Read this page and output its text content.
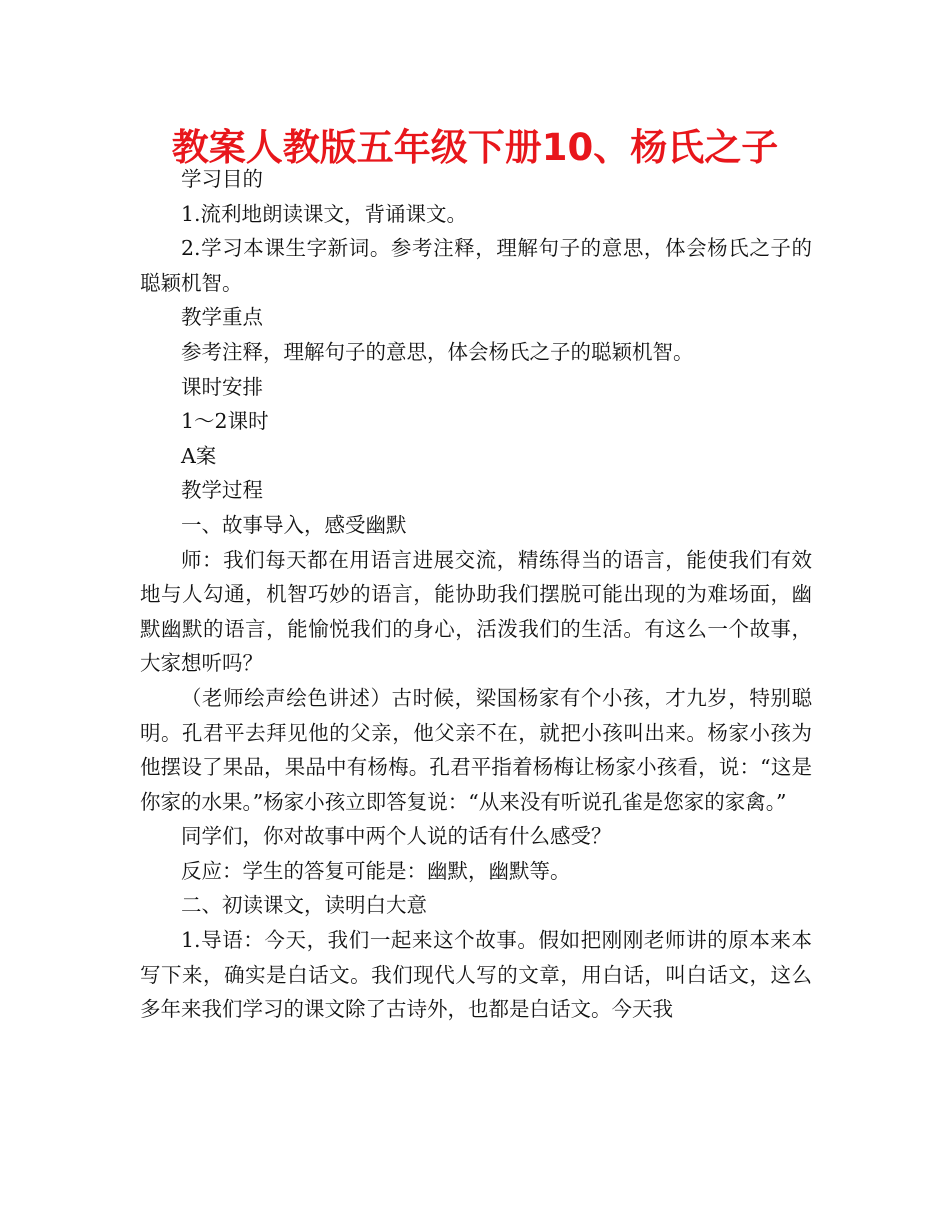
教案人教版五年级下册10、杨氏之子

学习目的

1.流利地朗读课文，背诵课文。

2.学习本课生字新词。参考注释，理解句子的意思，体会杨氏之子的聪颖机智。

教学重点

参考注释，理解句子的意思，体会杨氏之子的聪颖机智。

课时安排

1～2课时

A案

教学过程

一、故事导入，感受幽默

师：我们每天都在用语言进展交流，精练得当的语言，能使我们有效地与人勾通，机智巧妙的语言，能协助我们摆脱可能出现的为难场面，幽默幽默的语言，能愉悦我们的身心，活泼我们的生活。有这么一个故事，大家想听吗？

（老师绘声绘色讲述）古时候，梁国杨家有个小孩，才九岁，特别聪明。孔君平去拜见他的父亲，他父亲不在，就把小孩叫出来。杨家小孩为他摆设了果品，果品中有杨梅。孔君平指着杨梅让杨家小孩看，说：“这是你家的水果。”杨家小孩立即答复说：“从来没有听说孔雀是您家的家禽。”

同学们，你对故事中两个人说的话有什么感受？

反应：学生的答复可能是：幽默，幽默等。

二、初读课文，读明白大意

1.导语：今天，我们一起来这个故事。假如把刚刚老师讲的原本来本写下来，确实是白话文。我们现代人写的文章，用白话，叫白话文，这么多年来我们学习的课文除了古诗外，也都是白话文。今天我
